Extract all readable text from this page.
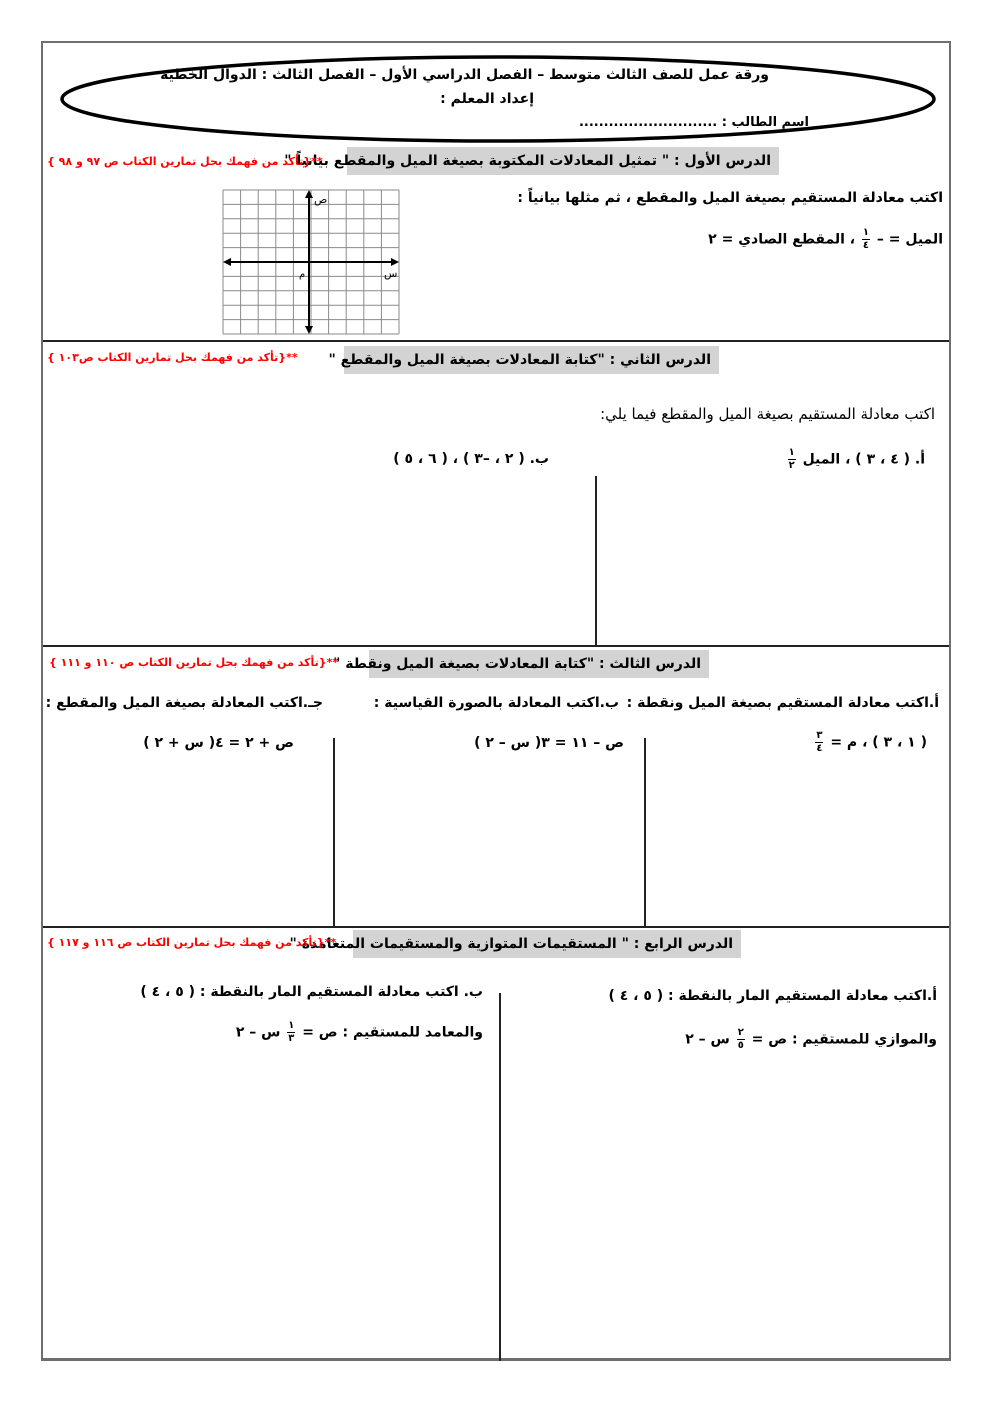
ورقة عمل للصف الثالث متوسط – الفصل الدراسي الأول – الفصل الثالث : الدوال الخطية
إعداد المعلم :
اسم الطالب : ............................
الدرس الأول : " تمثيل المعادلات المكتوبة بصيغة الميل والمقطع بيانياً "
**{تأكد من فهمك بحل تمارين الكتاب ص ٩٧ و ٩٨ }
اكتب معادلة المستقيم بصيغة الميل والمقطع ، ثم مثلها بيانياً :
الميل = –
$\frac{١}{٤}$
، المقطع الصادي = ٢
ص
س
م
الدرس الثاني : "كتابة المعادلات بصيغة الميل والمقطع "
**{تأكد من فهمك بحل تمارين الكتاب ص١٠٣ }
اكتب معادلة المستقيم بصيغة الميل والمقطع فيما يلي:
أ. ( ٤ ، ٣ ) ، الميل
$\frac{١}{٢}$
ب. ( ٢ ، –٣ ) ، ( ٦ ، ٥ )
الدرس الثالث : "كتابة المعادلات بصيغة الميل ونقطة "
**{تأكد من فهمك بحل تمارين الكتاب ص ١١٠ و ١١١ }
أ.اكتب معادلة المستقيم بصيغة الميل ونقطة :
( ١ ، ٣ ) ، م =
$\frac{٣}{٤}$
ب.اكتب المعادلة بالصورة القياسية :
ص – ١١ = ٣( س – ٢ )
جـ.اكتب المعادلة بصيغة الميل والمقطع :
ص + ٢ = ٤( س + ٢ )
الدرس الرابع : " المستقيمات المتوازية والمستقيمات المتعامدة "
**{تأكد من فهمك بحل تمارين الكتاب ص ١١٦ و ١١٧ }
أ.اكتب معادلة المستقيم المار بالنقطة : ( ٥ ، ٤ )
والموازي للمستقيم : ص =
$\frac{٢}{٥}$
س – ٢
ب. اكتب معادلة المستقيم المار بالنقطة : ( ٥ ، ٤ )
والمعامد للمستقيم : ص =
$\frac{١}{٣}$
س – ٢
